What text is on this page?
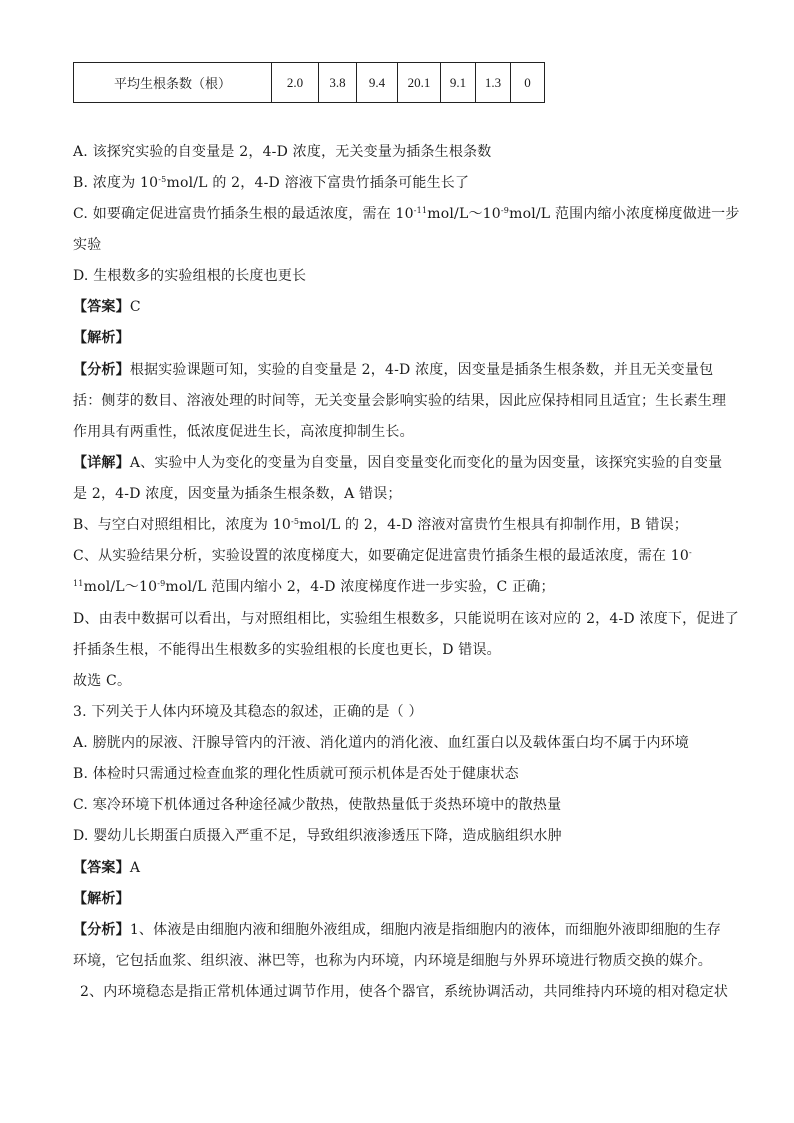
平均生根条数（根）	2.0	3.8	9.4	20.1	9.1	1.3	0
A. 该探究实验的自变量是 2，4-D 浓度，无关变量为插条生根条数
B. 浓度为 $10^{-5}mol/L$ 的 2，4-D 溶液下富贵竹插条可能生长了
C. 如要确定促进富贵竹插条生根的最适浓度，需在 $10^{-11}mol/L\sim 10^{-9}mol/L$ 范围内缩小浓度梯度做进一步
实验
D. 生根数多的实验组根的长度也更长
【答案】C
【解析】
【分析】根据实验课题可知，实验的自变量是 2，4-D 浓度，因变量是插条生根条数，并且无关变量包
括：侧芽的数目、溶液处理的时间等，无关变量会影响实验的结果，因此应保持相同且适宜；生长素生理
作用具有两重性，低浓度促进生长，高浓度抑制生长。
【详解】A、实验中人为变化的变量为自变量，因自变量变化而变化的量为因变量，该探究实验的自变量
是 2，4-D 浓度，因变量为插条生根条数，A 错误；
B、与空白对照组相比，浓度为 $10^{-5}mol/L$ 的 2，4-D 溶液对富贵竹生根具有抑制作用，B 错误；
C、从实验结果分析，实验设置的浓度梯度大，如要确定促进富贵竹插条生根的最适浓度，需在 10-
$^{11}mol/L\sim 10^{-9}mol/L$ 范围内缩小 2，4-D 浓度梯度作进一步实验，C 正确；
D、由表中数据可以看出，与对照组相比，实验组生根数多，只能说明在该对应的 2，4-D 浓度下，促进了
扦插条生根，不能得出生根数多的实验组根的长度也更长，D 错误。
故选 C。
3. 下列关于人体内环境及其稳态的叙述，正确的是（ ）
A. 膀胱内的尿液、汗腺导管内的汗液、消化道内的消化液、血红蛋白以及载体蛋白均不属于内环境
B. 体检时只需通过检查血浆的理化性质就可预示机体是否处于健康状态
C. 寒冷环境下机体通过各种途径减少散热，使散热量低于炎热环境中的散热量
D. 婴幼儿长期蛋白质摄入严重不足，导致组织液渗透压下降，造成脑组织水肿
【答案】A
【解析】
【分析】1、体液是由细胞内液和细胞外液组成，细胞内液是指细胞内的液体，而细胞外液即细胞的生存
环境，它包括血浆、组织液、淋巴等，也称为内环境，内环境是细胞与外界环境进行物质交换的媒介。
2、内环境稳态是指正常机体通过调节作用，使各个器官，系统协调活动，共同维持内环境的相对稳定状
